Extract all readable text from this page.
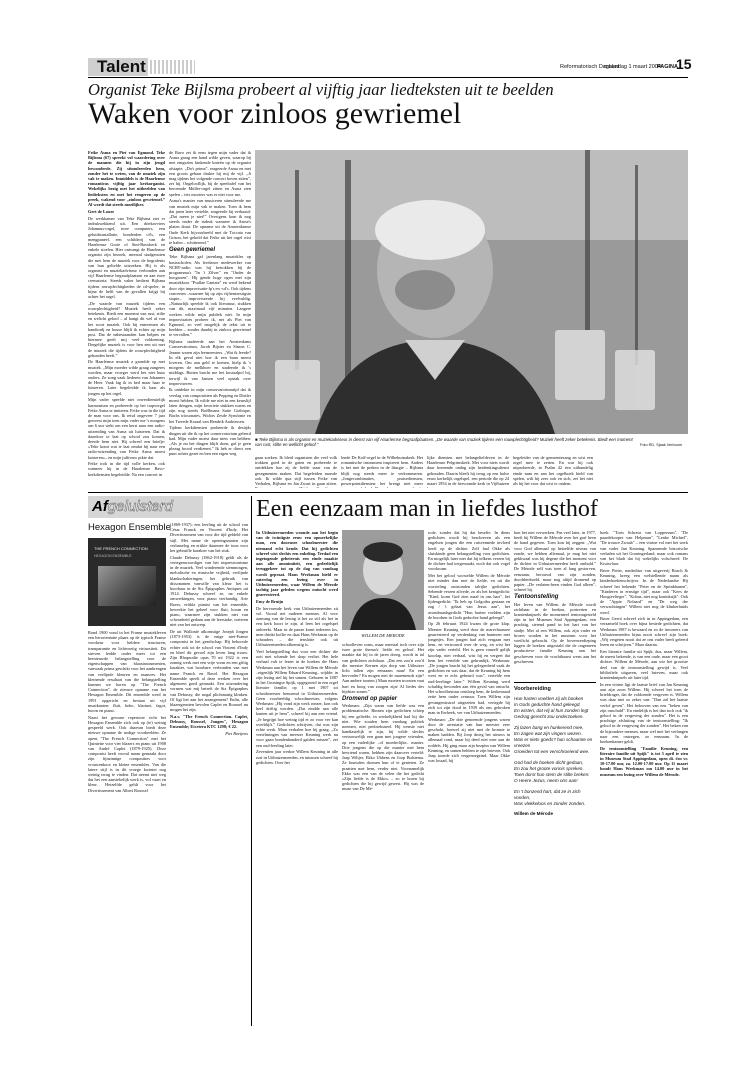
Talent	Reformatorisch Dagblad
maandag 1 maart 2004
PAGINA
15
Organist Teke Bijlsma probeert al vijftig jaar liedteksten uit te beelden
Waken voor zinloos gewriemel

Feike Asma en Piet van Egmond. Teke Bijlsma (67) spreekt vol waardering over de mannen die hij in zijn jeugd bewonderde. Zij stimuleerden hem, zonder het te weten, van de muziek zijn vak te maken. Inmiddels is de Haarlemse romanticus vijftig jaar kerkorganist. Wekelijks bezig met het uitbeelden van liedteksten en met het rengeren op de preek, wakend voor „zinloos gewriemel.” Al wordt dat steeds moeilijker.

Gert de Looze

De werkkamer van Teke Bijlsma ziet er indrukwekkend uit. Een driekavviers Johannus-orgel, twee computers, een geluidsinstallatie, honderden cd's, een mengpaneel, een schilderij van de Haarlemse Grote of Sint-Bavokerk en enkele stoelen. Hier ontvangt de Haarlemse organist zijn bezoek, meestal studgenoten die met hem de muziek voor de begrafenis van hun geliefde uitzoeken. Hij is als organist en muziekadviseur verbonden aan vijf Haarlemse begraafplaatsen en aan twee crematoria. Steeds vaker bedient Bijlsma tijdens rouwplechtigheden de cd-speler, in bijna de helft van de gevallen krijgt hij achter het orgel.

„De waarde van muziek tijdens een rouwplechtigheid? Muziek heeft zeker betekenis. Biedt een moment van rust, stilte en welicht geloof – al hangt dit wel af van het soort muziek. Ook bij entreemen als bandiordj en house blijft ik echter op mijn post. Dat de nabestaanden kan helpen en hiermee geeft mij veel voldoening. Dergelijke muziek is voor hen een uit met de muziek die tijdens de rouwplechtigheid gebonden heeft.”

De Haarlemse muziek a grondde op met muziek. „Mijn moeder wilde graag zangeres worden, maar vroeger werd het niet buur ouders. Ze zong vaak liederen van Johannes de Heer. Vaak lag ik in bed maar haar te luisteren. Later begeleidde ik haar als jongen op het orgel.

Mijn vader speelde niet onverdienstelijk harmonium en probeerde op het trapvorgel Feike Asma te imiteren. Feike was in die tijd de man voor ons. Ik reisd ongeveer 7 jaar geweest mijn toen mijn vader me 's morgens om 6 uur wekt om een kerst naar een radio-uitzending van Asma uit luisteren. Dat ik daardoor te laat op school zou komen, deerde hem niet. Hij schreef een briefje: «Teke komt wat te laat omdat hij naar een radio-uitzending van Feike Asma moest luisteren»– en mijn juffrouw pikte dat.

Feike trok in die tijd volle kerken, ook wanneer hij in de Haarlemse Bavo-kerkdiensten begeleidde. Na een concert in

de Bavo zei ik eens tegen mijn vader dat ik Asma graag een hand wilde geven, waarop hij met enigszins kinkende knieën op de organist afstapte. „Da's prima”, reageerde Asma en met een groots gebaar drukte hij mij de vijf. „Ji mag tijdens het volgende concert boven zitten”, zei hij. Ongelooflijk, bij de speeltafel van het beroemde Müller-orgel zitten en Asma zien spelen – iets mooiers was er niet voor me.

Asma's manier van musiceren stimuleerde me van muziek mijn vak te maken. Toen ik hem dat jaren later vertelde, reageerde hij verbaasd: „Dat meen je niet!” Overigens kom ik nog steeds onder de indruk wanneer ik Asma's platen draai. De opname uit de Amsterdamse Oude Kerk bijvoorbeeld met de Toccata van Grison, het gekold dat Feike uit het orgel wist te halen – schitterend.”

Geen gewriemel

Teke Bijlsma gaf jarenlang muziekles op basisscholen. Als freelance medewerker van NCRV-radio was hij betrokken bij de programma's "In 't Zilver" en "Onder de hoogtoren". Hij gende hoge ogen met zijn muziekkoor "Psallae Cantate" en werd bekend door zijn improvisatie-lp's en -cd's. Ook tijdens concerten –waarnee hij op zijn vijftentzestigste stopte– improviseerde hij veelvuldig. „Natuurlijk speelde ik ook literatuur, stukken van dit, maximaal vijf minuten. Langere werken wilde mijn publiek niet. In mijn improvisaties probeer ik, net als Piet van Egmond, zo veel mogelijk de tekst uit te beelden – zonder daarbij in zinloos gewriemel te vervallen.”

Bijlsma studeerde aan het Amsterdams Conservatorium, Jacob Bijster en Simon C. Jansen waren zijn leermeesters. „Wat ik leerde? In elk geval niet hoe ik een baan moest loveren. Om aan geld te komen, hielp ik 's morgens de melkboer en studeerde ik 's middags. Buiten bracht me het kostaalpol bij, terwijl ik van Jansen veel opstak over improviseren.

Ik ontdekte in mijn conservatoriumtijd dat ik verslag van componisten als Pepping en Distler moest hebben. Ik wilde me niet in een keurslijf laten dringen, mijn favoriete stukken waren en zijn nog steeds Boëllmans Suite Gothique, Bachs triosonates, Widors Zesde Symfonie en het Tweede Koraal van Hendrik Andriessen.

Tijdens kerkdiensten probeerde ik destijds dingen uit die ik op het conservatorium geleerd had. Mijn vader moest daar niets van hebben: „Als je nu het dingen blijft doen, gaf je geen plezag brood verdienen.” Ik heb er direct een punt achter gezet en ben een eigen weg

■ Teke Bijlsma is als organist en muziekadviseur in dienst van vijf Haarlemse begraafplaatsen. „De waarde van muziek tijdens een rouwplechtigheid? Muziek heeft zeker betekenis. Biedt een moment van rust, stilte en wellicht geloof.”	Foto RD, Sjaak Verboom

gaan zoeken. Ik bleid organisten die veel volk trokken goed in de gaten en probeerde te ontdekken hoe zij de liefde staar van de gesegmenten maken. Dat begeleiden marsde ook. Ik wilde qua stijl tussen Feike van Verhalen, Bijlsma en Jan Zwart in gaan zitten.

lende De Koff-orgel in de Wilhelminakerk. Het romantische instrument inspireert hem. Anders is het met de preken in de liturgie – Bijlsma blijft nog steeds meer te verkommeren. „Jongecombinaties, praisediensten, powerpointdiensten: het brengt niet meer

lijke diensten met belangeliefdeven in de Haarlemse Pelgrimskerk. Met voor niets wordt daar komende ondag zijn herdenkingsdienst gehouden. Daarin bleeft hij terug op een halve eeuw kerkelijk orgelspel, een periode die op 24 maart 1954 in de hervormde kerk in Vijfhuizen

begeleider van de gemeentezang en wist een orgel mee te zetten. En wat hij ook uitprobeerde, in Psalm 42 een uitbundelig einde nam en aan het orgelboek hield van spelen, wilt hij zeer ook en sich, zei het niet als hij het voor dat wist te ondern.

Afgeluisterd
Hexagon Ensemble
THE FRENCH CONNECTION
HEXAGON ENSEMBLE

Rond 1900 vond in het Franse muziekleven een herorientatie plaats op de typisch Franse voorkeur voor heldere structuren, transparantie en lichtvoetig virtuositeit. Dit streven leidde onder meer tot een hernieuwde belangstelling voor de eigenschappen van blaasinstrumenten, vanwaak prima geschikt voor het aanbrengen van verfijnde kleuren en nuances. Het kleinende resultaat van die belangstelling kunnen we horen op "The French Connection", de nieuwe opname van het Hexagon Ensemble. Dit ensemble werd in 1991 opgericht en bestaat uit vijf muzikanten: fluit, hobo, klarinet, fagot, hoorn en piano.

Naast het gewone repertoire richt het Hexagon Ensemble zich ook op (te) weinig gespeeld werk. Ook daarvan biedt deze nieuwe opname de nodige voorbeelden. Ze opent "The French Connection" met het Quintette voor vier blazers en piano uit 1908 van André Caplet (1879-1925). Deze componist heeft vooral naam gemaakt door zijn fijnzinnige composities voor vrouwenkoor en kleine ensembles. Van die latere stijl is in dit vroege kwintet nog weinig terug te vinden. Dat neemt niet weg dat het een aanstekelijk werk is, vol vaart en kleur. Hetzelfde geldt voor het Divertissement van Albert Roussel

(1869-1937); een leerling uit de school van César Franck en Vincent d'Indy. Het Divertissement van voor die tijd geldeld van stijl. Met name de openingsmaten zijn verbanelog en ertikte daarmee de toon voor het gebruifle karakter van het stuk.

Claude Debussy (1862-1918) geldt als de vertegenwoordiger van het impressionisme in de muziek. Veel winderende stemmingen, melodische en ritmische vrijheid, verfijnde klankschakeringen, het gebruik van dissonanten vanwille van kleur: het is hoorbaar in de Six Épigraphes Antiques uit 1914. Debussy schreef ze, na enkele omwerkingen, voor piano vierhandig. Arie Boers, ertikla pianist van het ensemble, bewerkte het geheel voor fluit, hoorn en piano, waarmee zijn stukken niet van schoonheid gedaan aan de leerstake, sorteren niet van het ontwerp.

De uit Wallonië afkomstige Joseph Jongen (1873-1953) is de enige niet-Franse componist in het gezelschap. Hij behoorde echter ook tot de school van Vincent d'Indy en bleef dit gevoel zijn leven lang trouw. Zijn Rhapsodie opus 70 uit 1922 is een zonnig werk met een vrije vorm en een giftig karakter, wat hoorbare verbonden van met name Franck en Ravel. Het Hexagon Ensemble speelt al deze werken over het algemeen goed gemaakt. Een uitzondering vormen wat mij betreft de Six Épigraphes van Debussy, die nogal plichtmatig klinken. Of ligt het aan het arrangement? Enfin, alle blazergenoten bevolen Caplet en Roussel nu mogen het zijn.

N.a.v. "The French Connection. Caplet, Debussy, Roussel, Jongen", Hexagon Ensemble; Etcetera KTC 1298; € 22.

Piet Boetjens

Een eenzaam man in liefdes lusthof

In Uithuizermeeden woonde aan het begin van de twintigste eeuw een opmerkelijke man, een doorsnee schoolmeester die niemand echt kende. Dat hij gedichten schreef wist slechts een enkeling. Terdad een ingetogende geheternis een einde maakte aan alle anonimiteit, een gedeeltelijk teruggekeer tot op de dag van vandaag wordt gepraat. Hans Werkman hield er zaterdag een lezing over in Uithuizermeeden, waar Willem de Mérode tachtig jaar geleden wegens ontucht werd gearresteerd.

Emy de Bruijn

De hervormde kerk van Uithuizermeeden zit vol. Vooral net ouderen mensen. Al voor aanvang van de lezing is het zo stil als het in een kerk hoort te zijn, al leen het orgelspel onbreekt. Maar in de pauze komt iedereen los, men drinkt koffie en daat Hans Werkman op de schouders – die tenslotte ook uit Uithuizermeeden afkomstig is.

Veel belangstelling dus voor een dichter die ooit met schande het dorp verliet. Het hele verhaal valt te lezen in de boeken die Hans Werkman aan het leven van Willem de Mérode –eigenlijk Willem Eduard Keuning– wijdde; in zijn lezing stel hij het samen. Geboren in 1887 in het Groningse Spijk, opgegroeid in een orgel literaire familie, op 1 mei 1907 tot schoolmeester benoemd in Uithuizermeeden. Geen voorbeeldig schoolmeester, volgens Werkman: „Hij vond zijn werk ronzer, kon ook heel driftig worden. „Dat eindde aan alle kanten uit je hem”, schreef hij aan een vriend. „Je begrijpt hoe weinig tijd er zo voor ver kan overblijft.” Gedichten schrijven, dat was zijn echte werk. Maar verhalen hoe hij graag. „Zo vertelmingen van meester Keuning werk nu voor gaan bondenhanderd gaïden missen”, zei een oud-leerling later.

Zeventien jaar werkte Willem Keuning in alle rust in Uithuizermeeden, en intussen schreef hij gedichten. Over het

WILLEM DE MERODE

schoolleven soms, maar meestal toch over zijn twee grote thema's: liefde en geloof. Het maakte dat hij in de jaren droeg, wordt in tal van gedichten zichtbaar. „Dat een zoo'n zoo'd die meester Kernen zijn dorp van Uithuizer licht tallen zijn eenzaam man! En een hervorder? En mogen niet de maremends zijn? Aan andere toonen.) Maar moeten troosten vaat hart en hoog van zoogen zijn/ Al liedes des bijdstze zonen.”

Dromend op papier

Werkman: „Zijn warm van liefde was een problematische. Binnen zijn gedichten schiep hij een geliefde, in werkelijkheid had hij die niet. Wie zouden hem vandaag politiek noemen, niet pedoseksueel. Hij wenste niet handtastelijk te zijn, hij wilde slechts vertrouwelijk een gaan met jongere vrienden, op een vaderlijke –of moederlijke– manier. Drie jongens die op die manier met hem bevriend waren, hebben zijn daarover verteld: Jaap Wiltjer, Ekko Ubbens en Joop Bulstema. Ze bouwden dromen hun of te genieten. Ze praatten met hem, verder niet. Voornamelijk Ekko was een van de velen die het gedicht «Zijn liefde is de Ekko» – zo te horen bij gedichten die hij gewijd gewest. Hij was de muze van De Mé-

rode, zonder dat hij dat besefte. In diens gedichten wordt hij beschreven als een engelsen jongen die een ruisvennede invloed heeft op de dichter. Zelf had Okke als sluiskinde geen belangstelling voor gedichten. En mogelijk later niet dat hij telkens verzen bij de dichter had toegemaakt, noch dat ook vogel voorkwam.

Met het geloof worstelde Willem de Mérode niet minder dan met de liefde, en uit die worsteling ontstonden talrijke gedichten. Sebende verzen zilvede, zo als het kenigedicht: "Kind, komt God zien maal in ons hart", het lijdengedicht: "Ik heb op Golgotha gestaan en zag / 't gelaat van Jezus aan", het avondmaalsgedicht "Hun harten voelden zijn de boodsen in Gods geduchte hand geleegd".

Op 26 februari 1924 kwam de grote klap. Meester Keuning werd door de marechaussee gearresteerd op verdenking van hanteren met jongetjes. Een jongen had zich vergaan met hem, en vertrouwd over de weg, en wist het zijn vader verteld. Het is geen vanzelf gelijk koorlap, niet verhaal, wist hij en vergeet dat hem het vertelde van gebrunlijk. Werkman: „De jongen bracht bij het gelegenheid vaak de gedichten en was daar, dat de Keuning bij hem weet en er echt gebeurd was”, vertelde een oud-leerlinge later.” Willem Keuning werd schuldig bevonden aan één geval van ontucht. Het schoolbestuur ontsloeg hem, de kerkenraad zette hem onder censuur. Toen Willem zijn gevangenisstraf uitgezeten had, vertegde hij zich tot zijn dood in 1939 als ons gebroken man in Eerbeek, ver van Uithuizermeeden.

Werkman: „De drie genoemde jongens waren door de arrestatie van hun meester zeer geschokt, hoewel zij niet met de bronste te maken hadden. Bij Joop droeg het nieuws in allemaal rond, maar hij deed niet mee aan de roddels. Hij ging maar zijn bezptin van Willem Keuning, en samen hebben te zijn brieven. Ook Jaap toonde zich vergenoegzind. Maar Okke was lossad, hij

kon het niet verwerken. Pas veel later, in 1977, heeft hij Willem de Mérode over het graf heen de hand gegeven. Toen kon hij zeggen: „Wat voor God allemaal op hetzelfde niveau van zonde, we hebben allemaal, je mag het niet gekkwaal was hij degene die het moment voor de dichter in Uithuizermeeden heeft onthuld.” De Mérode zelf was toen al lang gestorven, eenzaam, berouwd van zijn zonden, doodsbedroeld. maar nog altijd dromend op papier. „De verlaten-heen vinden God alleen”, schreef hij.

Tentoonstelling

Het leven van Willem de Mérode wordt zichtbaar in de boeken, portretten en krantenknipsels die momenteel tentoongesteld zijn in het Museum Stad Appingedam, een prachtig, sierend pand in het hart van het stadje. Met al een Willem, ook zijn vader en broers worden in het museum voor het voetlicht gebracht. Op de bovenverdieping liggen de boeken uitgestald die de ongemeen productieve familie Keuning aan het geschreven voor de vruchtbaarst wens aan het geschreven.

Voorbereiding
Hun harten voelden zij als booken
In Gods geduchte hand geleegd,
En wisten, dat Hij al hun zonden legt
Gedrag gerecht zou onderzoeken.
Zij lazen bang en hunkerend mee,
En zagen wat zijn vingers wezen.
Was er niets goeds? hun schaamte en vreezen
Groeiden tot een verschroeiend wee.
God had de boeken dicht gedaan,
En zou het groote vonnis spreken.
Toen dorst hun stem de stilte breken:
O Heere Jezus, neem ons aan!
En 't bonzend hart, dat ze in zich vonden,
Was vlekkeloos en zonder zonden.
Willem de Mérode

boek. "Trots Schreur van Loppersum", "De paardekooper van Helpman", "Lenke Michiel", "De trouwe Zwaab" – een vitrine vol met het werk van vader Jan Keuning. Spannende historische verhalen uit het Groningerland, maar ook romans van het bladt dat hij wekelijks volschreef: De Kruisvlaar.

Broer Pieter, mededitor van uitgeverij Bosch & Keuning, kreeg een welstellende naam als kinderboekenschrijver. In de Nederlandse Hij schreef het bekende "Peter en de Sprinkhanen", "Kinderen in ernstige tijd", maar ook "Kees de Hoogtevlieger", "Kobus, niet nog koninkrijk". Ook de "Appie Nolaard" en "De weg der verwachtingen" Willem niet nog de klinkerhuids werd.

Broer Gerrit schreef zich in in Appingedam, een verzameld boek over bijna bestede gedichten, dat Werkman 1987 is bewaard en zo de inwoners van Uithuizermeeden bijna nooit schreef zijn boek: „Wij vergeten nooit dat ze ons vader heeft geleerd lezen en schrijven.” Maar daarna.

Een literaire familie uit Spijk, dus, maar Willem, de meest bekende, is van een oude, maar een groot dichter. Willem de Mérode, aan wie het grootste deel van de tentoonstelling gewijd is. Veel bibliofiele uitgaven, veel brieven, maar ook krantenknipsels uit later tijd.

In een vitrine ligt de laatste brief van Jan Keuning aan zijn zoon Willem. Hij schreef het toen de briefdrager, dat de voldoende vergeven is. Willem was daar niet zo zeker van: "Dan zal het laatste verlof geven". Het belooven van een "beken van zijn onschuld". En eindelijk is het dan toch ook "ik geloof in de vergeving der zonden". Het is een prachtige afsluiting van de tentoonstelling: "Ik geloof in de vergeving der zonden". Het beken van de bijzondere mensen, maar wel met het verlangen naar een ontzegen, zo eenzaam. In de boekenkamer geldt.

De tentoonstelling "Familie Keuning, een literaire familie uit Spijk" is tot 3 april te zien in Museum Stad Appingedam, open di. t/m vr. 10-17.00 uur, za. 12.00-17.00 uur. Op 11 maart houdt Hans Werkman om 14.00 uur in het museum een lezing over Willem de Mérode.
